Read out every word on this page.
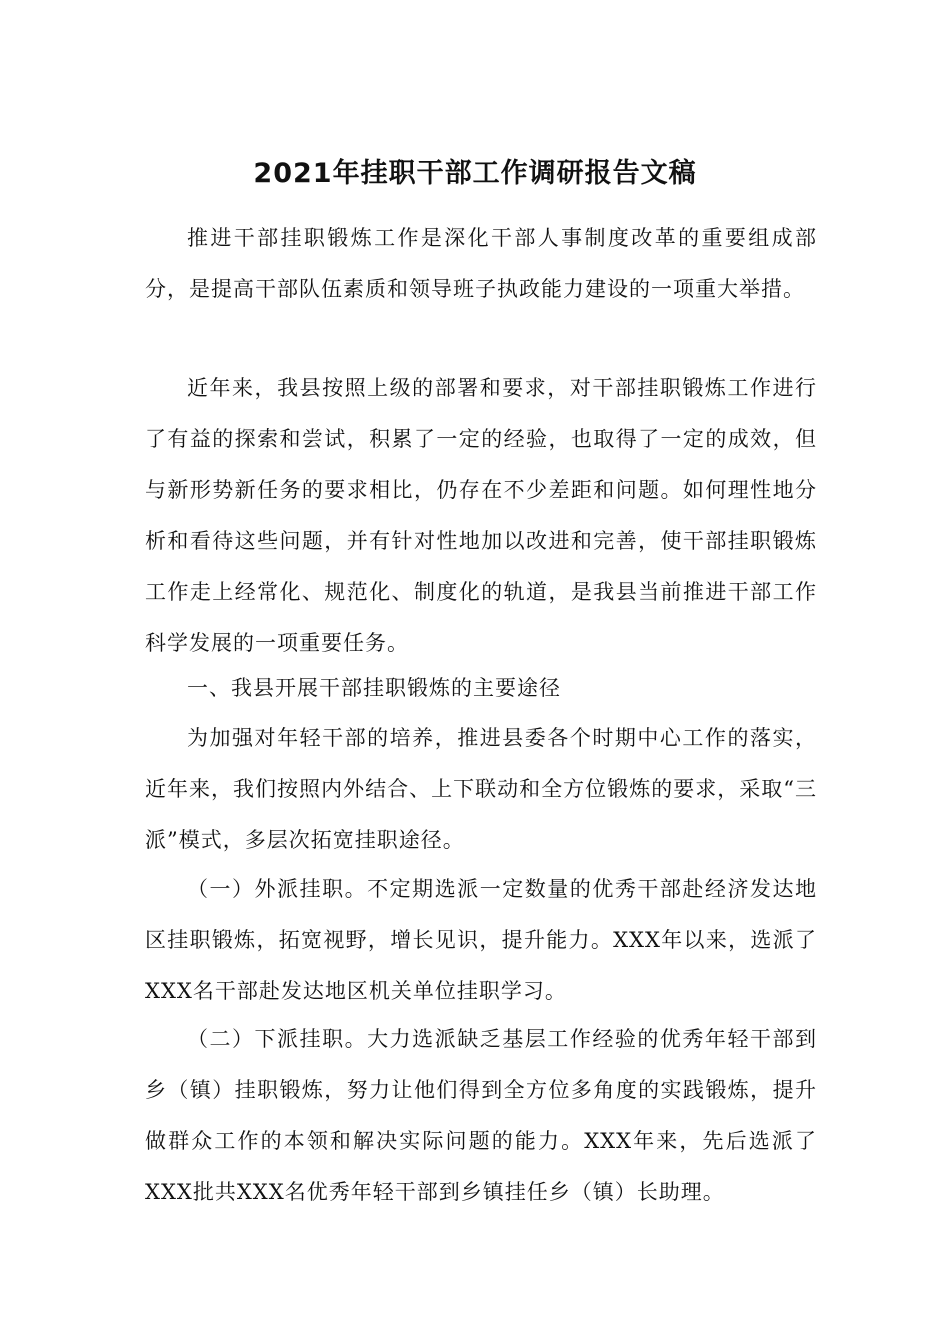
2021年挂职干部工作调研报告文稿

推进干部挂职锻炼工作是深化干部人事制度改革的重要组成部分，是提高干部队伍素质和领导班子执政能力建设的一项重大举措。

近年来，我县按照上级的部署和要求，对干部挂职锻炼工作进行了有益的探索和尝试，积累了一定的经验，也取得了一定的成效，但与新形势新任务的要求相比，仍存在不少差距和问题。如何理性地分析和看待这些问题，并有针对性地加以改进和完善，使干部挂职锻炼工作走上经常化、规范化、制度化的轨道，是我县当前推进干部工作科学发展的一项重要任务。

一、我县开展干部挂职锻炼的主要途径

为加强对年轻干部的培养，推进县委各个时期中心工作的落实，近年来，我们按照内外结合、上下联动和全方位锻炼的要求，采取“三派”模式，多层次拓宽挂职途径。

（一）外派挂职。不定期选派一定数量的优秀干部赴经济发达地区挂职锻炼，拓宽视野，增长见识，提升能力。XXX年以来，选派了XXX名干部赴发达地区机关单位挂职学习。

（二）下派挂职。大力选派缺乏基层工作经验的优秀年轻干部到乡（镇）挂职锻炼，努力让他们得到全方位多角度的实践锻炼，提升做群众工作的本领和解决实际问题的能力。XXX年来，先后选派了XXX批共XXX名优秀年轻干部到乡镇挂任乡（镇）长助理。
